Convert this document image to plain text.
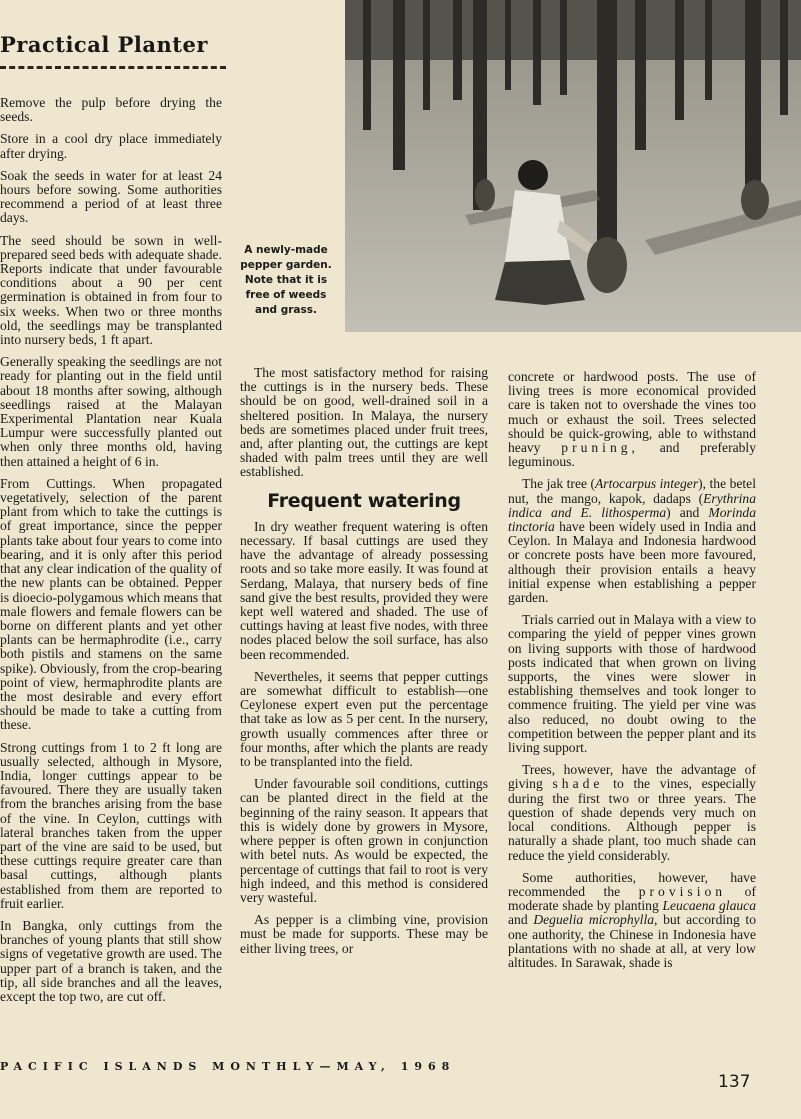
Practical Planter
A newly-made pepper garden. Note that it is free of weeds and grass.

Remove the pulp before drying the seeds.

Store in a cool dry place immediately after drying.

Soak the seeds in water for at least 24 hours before sowing. Some authorities recommend a period of at least three days.

The seed should be sown in well-prepared seed beds with adequate shade. Reports indicate that under favourable conditions about a 90 per cent germination is obtained in from four to six weeks. When two or three months old, the seedlings may be transplanted into nursery beds, 1 ft apart.

Generally speaking the seedlings are not ready for planting out in the field until about 18 months after sowing, although seedlings raised at the Malayan Experimental Plantation near Kuala Lumpur were successfully planted out when only three months old, having then attained a height of 6 in.

From Cuttings. When propagated vegetatively, selection of the parent plant from which to take the cuttings is of great importance, since the pepper plants take about four years to come into bearing, and it is only after this period that any clear indication of the quality of the new plants can be obtained. Pepper is dioecio-polygamous which means that male flowers and female flowers can be borne on different plants and yet other plants can be hermaphrodite (i.e., carry both pistils and stamens on the same spike). Obviously, from the crop-bearing point of view, hermaphrodite plants are the most desirable and every effort should be made to take a cutting from these.

Strong cuttings from 1 to 2 ft long are usually selected, although in Mysore, India, longer cuttings appear to be favoured. There they are usually taken from the branches arising from the base of the vine. In Ceylon, cuttings with lateral branches taken from the upper part of the vine are said to be used, but these cuttings require greater care than basal cuttings, although plants established from them are reported to fruit earlier.

In Bangka, only cuttings from the branches of young plants that still show signs of vegetative growth are used. The upper part of a branch is taken, and the tip, all side branches and all the leaves, except the top two, are cut off.

The most satisfactory method for raising the cuttings is in the nursery beds. These should be on good, well-drained soil in a sheltered position. In Malaya, the nursery beds are sometimes placed under fruit trees, and, after planting out, the cuttings are kept shaded with palm trees until they are well established.

Frequent watering

In dry weather frequent watering is often necessary. If basal cuttings are used they have the advantage of already possessing roots and so take more easily. It was found at Serdang, Malaya, that nursery beds of fine sand give the best results, provided they were kept well watered and shaded. The use of cuttings having at least five nodes, with three nodes placed below the soil surface, has also been recommended.

Nevertheles, it seems that pepper cuttings are somewhat difficult to establish—one Ceylonese expert even put the percentage that take as low as 5 per cent. In the nursery, growth usually commences after three or four months, after which the plants are ready to be transplanted into the field.

Under favourable soil conditions, cuttings can be planted direct in the field at the beginning of the rainy season. It appears that this is widely done by growers in Mysore, where pepper is often grown in conjunction with betel nuts. As would be expected, the percentage of cuttings that fail to root is very high indeed, and this method is considered very wasteful.

As pepper is a climbing vine, provision must be made for supports. These may be either living trees, or

concrete or hardwood posts. The use of living trees is more economical provided care is taken not to overshade the vines too much or exhaust the soil. Trees selected should be quick-growing, able to withstand heavy pruning, and preferably leguminous.

The jak tree (Artocarpus integer), the betel nut, the mango, kapok, dadaps (Erythrina indica and E. lithosperma) and Morinda tinctoria have been widely used in India and Ceylon. In Malaya and Indonesia hardwood or concrete posts have been more favoured, although their provision entails a heavy initial expense when establishing a pepper garden.

Trials carried out in Malaya with a view to comparing the yield of pepper vines grown on living supports with those of hardwood posts indicated that when grown on living supports, the vines were slower in establishing themselves and took longer to commence fruiting. The yield per vine was also reduced, no doubt owing to the competition between the pepper plant and its living support.

Trees, however, have the advantage of giving shade to the vines, especially during the first two or three years. The question of shade depends very much on local conditions. Although pepper is naturally a shade plant, too much shade can reduce the yield considerably.

Some authorities, however, have recommended the provision of moderate shade by planting Leucaena glauca and Deguelia microphylla, but according to one authority, the Chinese in Indonesia have plantations with no shade at all, at very low altitudes. In Sarawak, shade is

PACIFIC ISLANDS MONTHLY—MAY, 1968
137
